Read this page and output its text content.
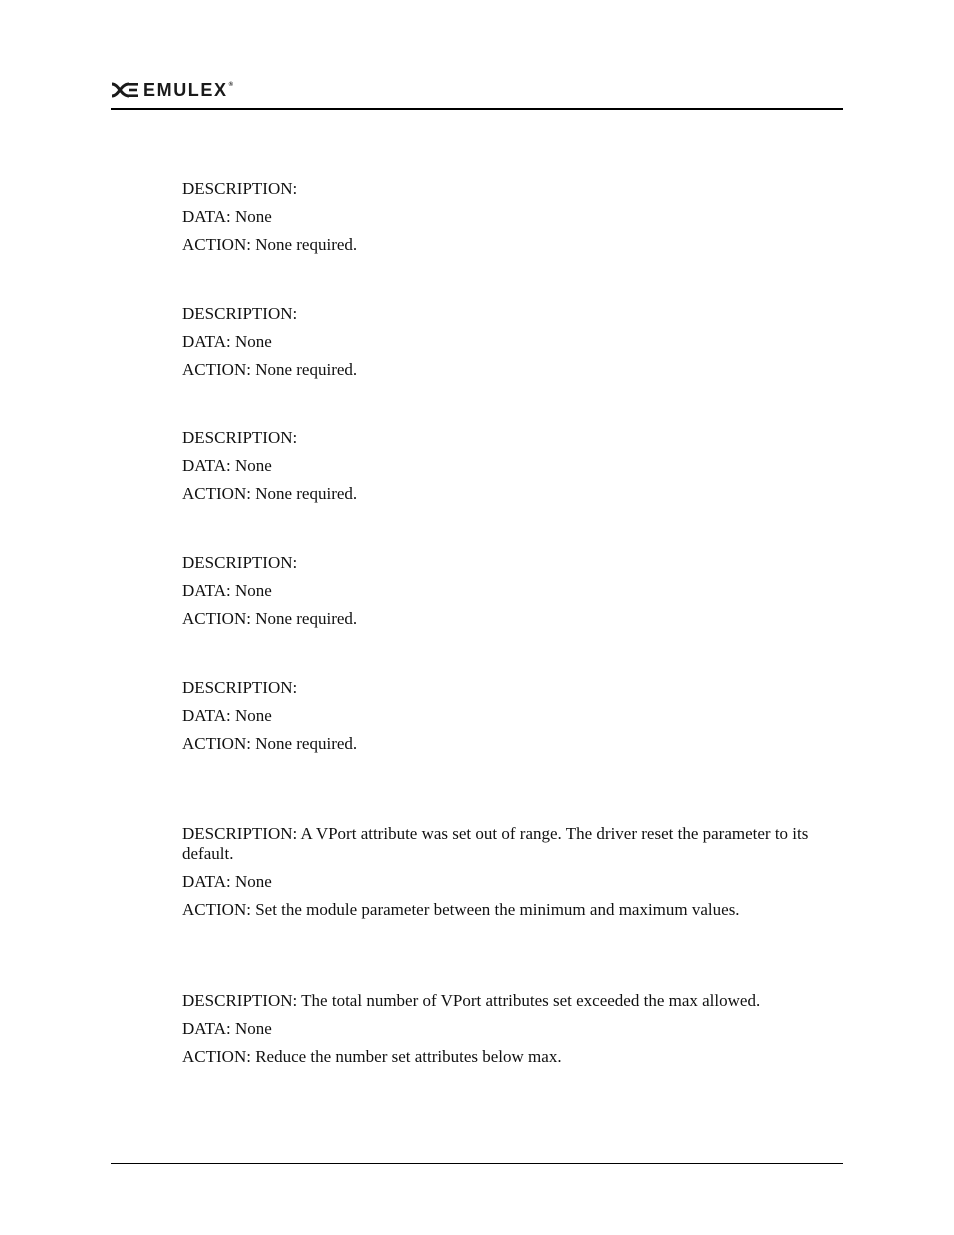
EMULEX®

DESCRIPTION:

DATA: None

ACTION: None required.

DESCRIPTION:

DATA: None

ACTION: None required.

DESCRIPTION:

DATA: None

ACTION: None required.

DESCRIPTION:

DATA: None

ACTION: None required.

DESCRIPTION:

DATA: None

ACTION: None required.

DESCRIPTION: A VPort attribute was set out of range. The driver reset the parameter to its default.

DATA: None

ACTION: Set the module parameter between the minimum and maximum values.

DESCRIPTION: The total number of VPort attributes set exceeded the max allowed.

DATA: None

ACTION: Reduce the number set attributes below max.
